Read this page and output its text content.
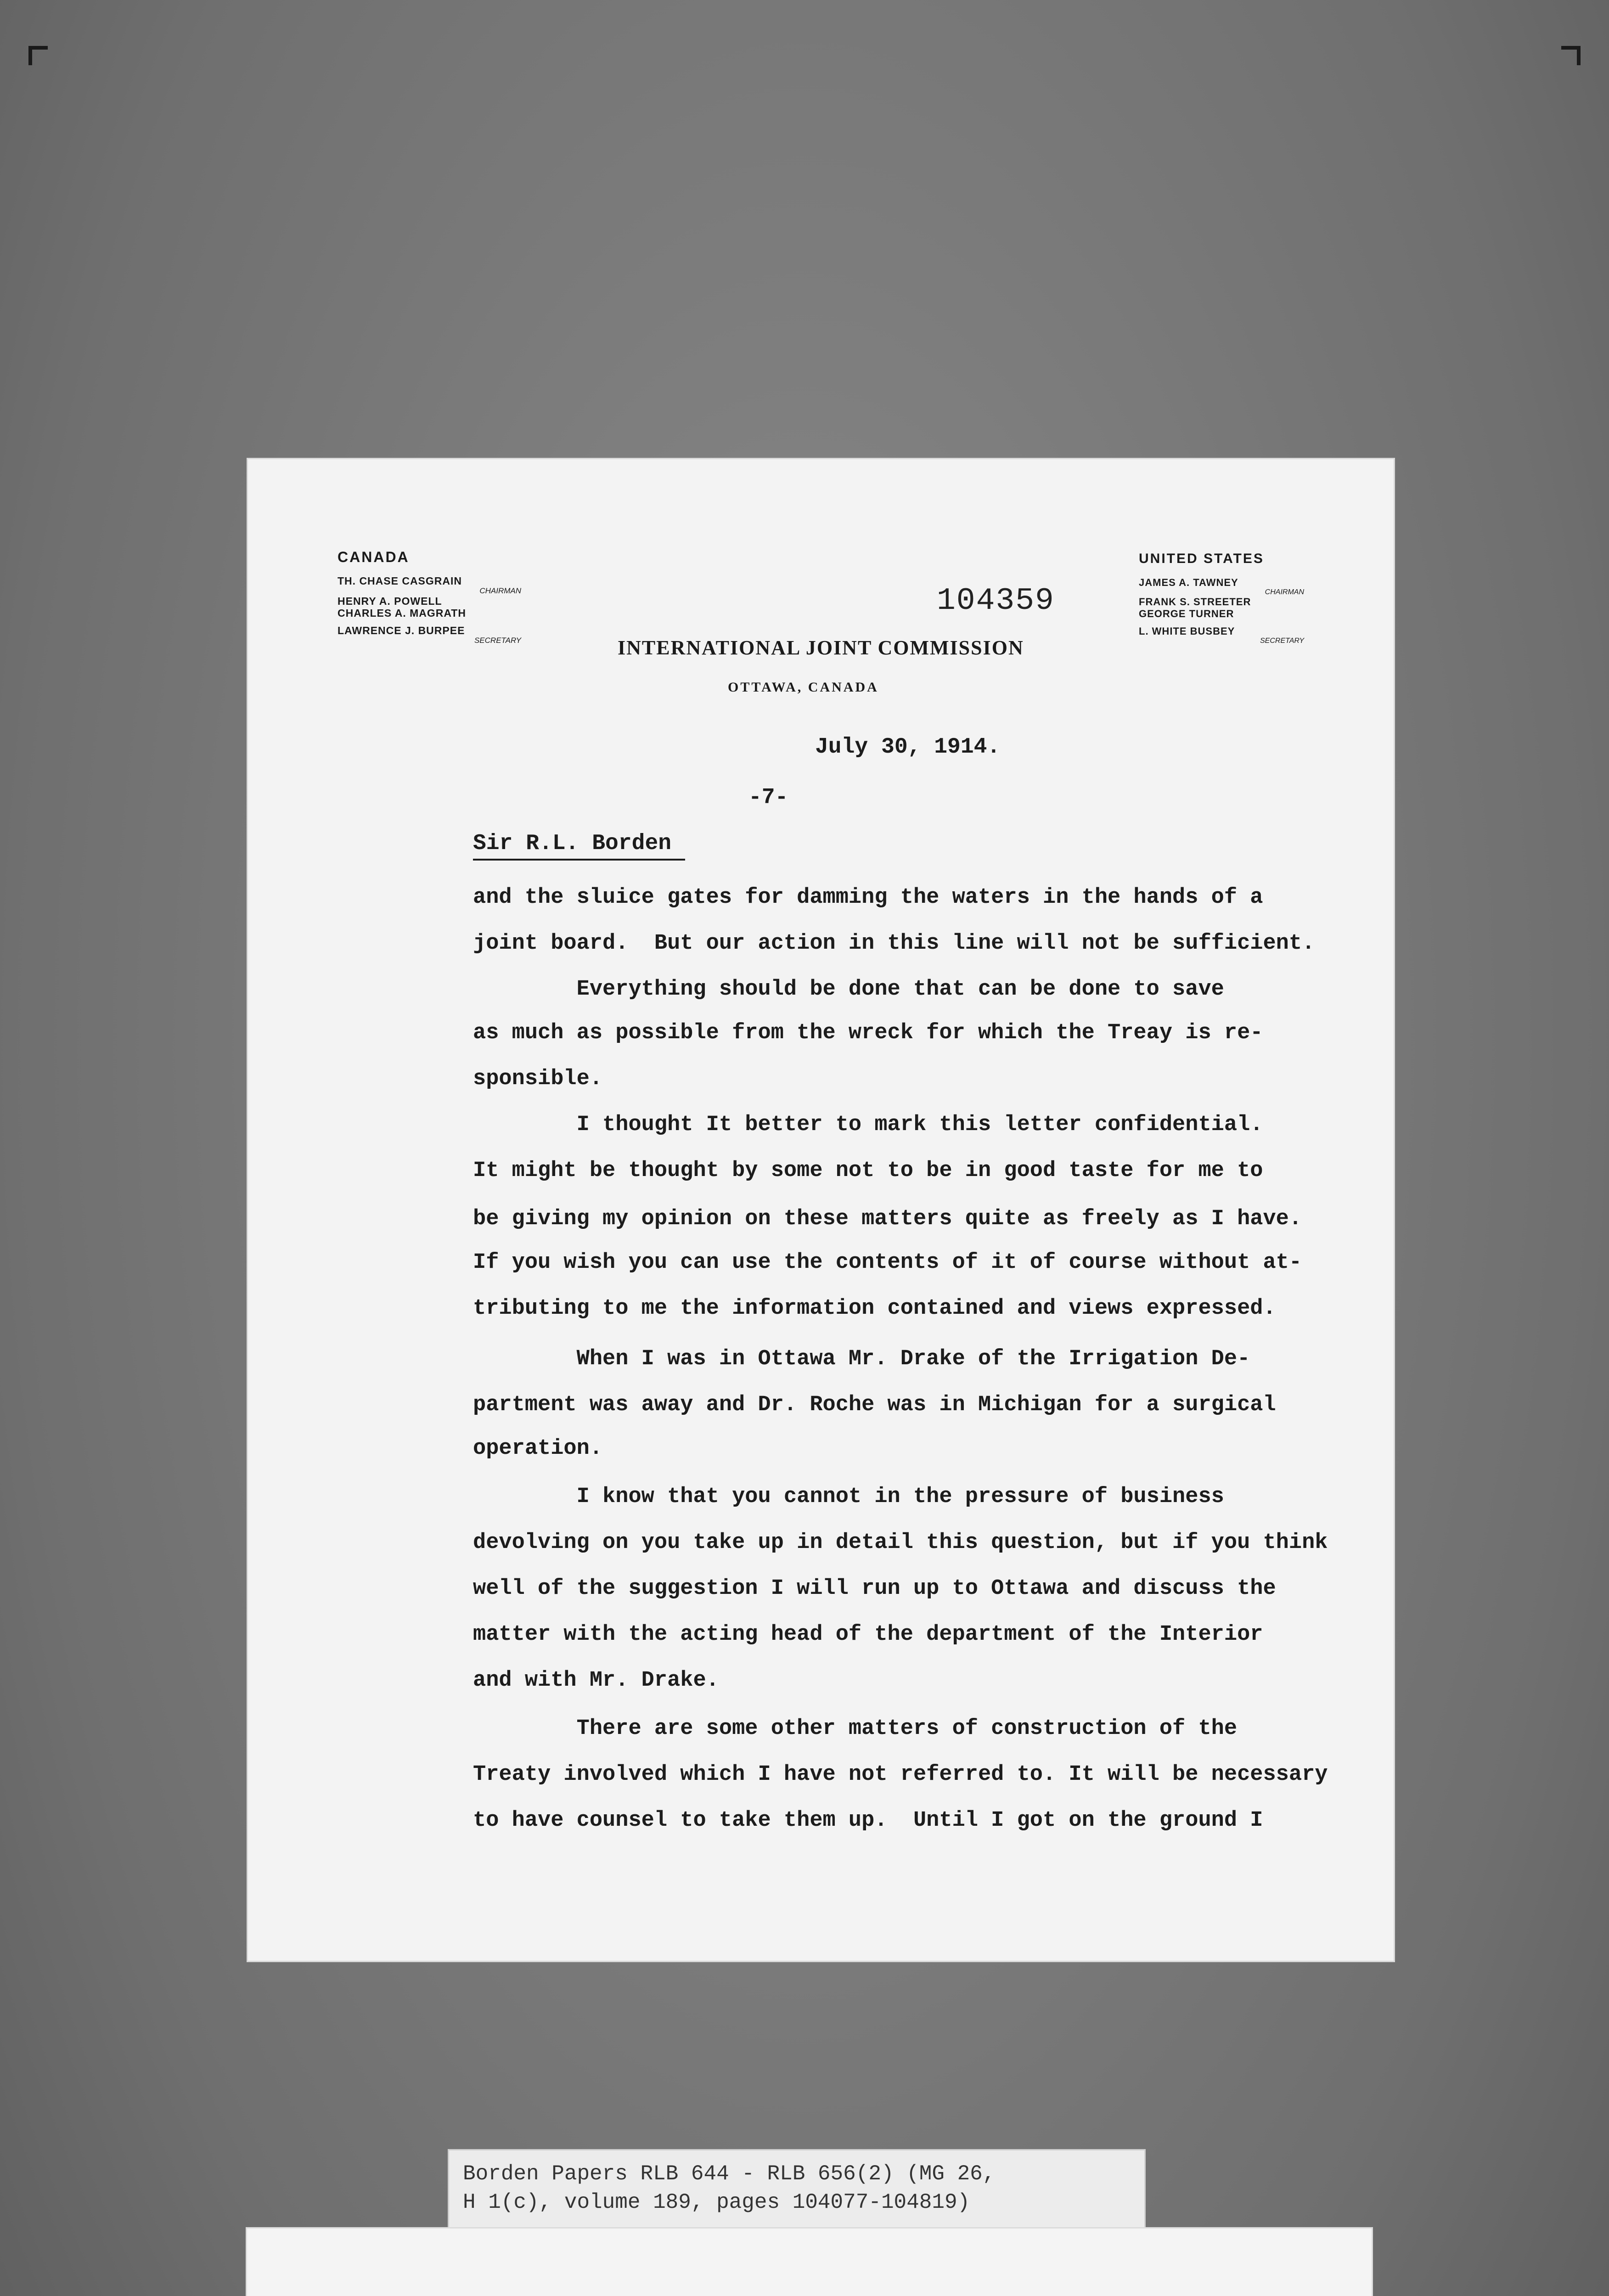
CANADA
TH. CHASE CASGRAIN
CHAIRMAN
HENRY A. POWELL
CHARLES A. MAGRATH
LAWRENCE J. BURPEE
SECRETARY
104359
INTERNATIONAL JOINT COMMISSION
OTTAWA, CANADA
UNITED STATES
JAMES A. TAWNEY
CHAIRMAN
FRANK S. STREETER
GEORGE TURNER
L. WHITE BUSBEY
SECRETARY
July 30, 1914.
-7-
Sir R.L. Borden
and the sluice gates for damming the waters in the hands of a
joint board.  But our action in this line will not be sufficient.
Everything should be done that can be done to save
as much as possible from the wreck for which the Treay is re-
sponsible.
I thought It better to mark this letter confidential.
It might be thought by some not to be in good taste for me to
be giving my opinion on these matters quite as freely as I have.
If you wish you can use the contents of it of course without at-
tributing to me the information contained and views expressed.
When I was in Ottawa Mr. Drake of the Irrigation De-
partment was away and Dr. Roche was in Michigan for a surgical
operation.
I know that you cannot in the pressure of business
devolving on you take up in detail this question, but if you think
well of the suggestion I will run up to Ottawa and discuss the
matter with the acting head of the department of the Interior
and with Mr. Drake.
There are some other matters of construction of the
Treaty involved which I have not referred to. It will be necessary
to have counsel to take them up.  Until I got on the ground I
Borden Papers RLB 644 - RLB 656(2) (MG 26,
H 1(c), volume 189, pages 104077-104819)
